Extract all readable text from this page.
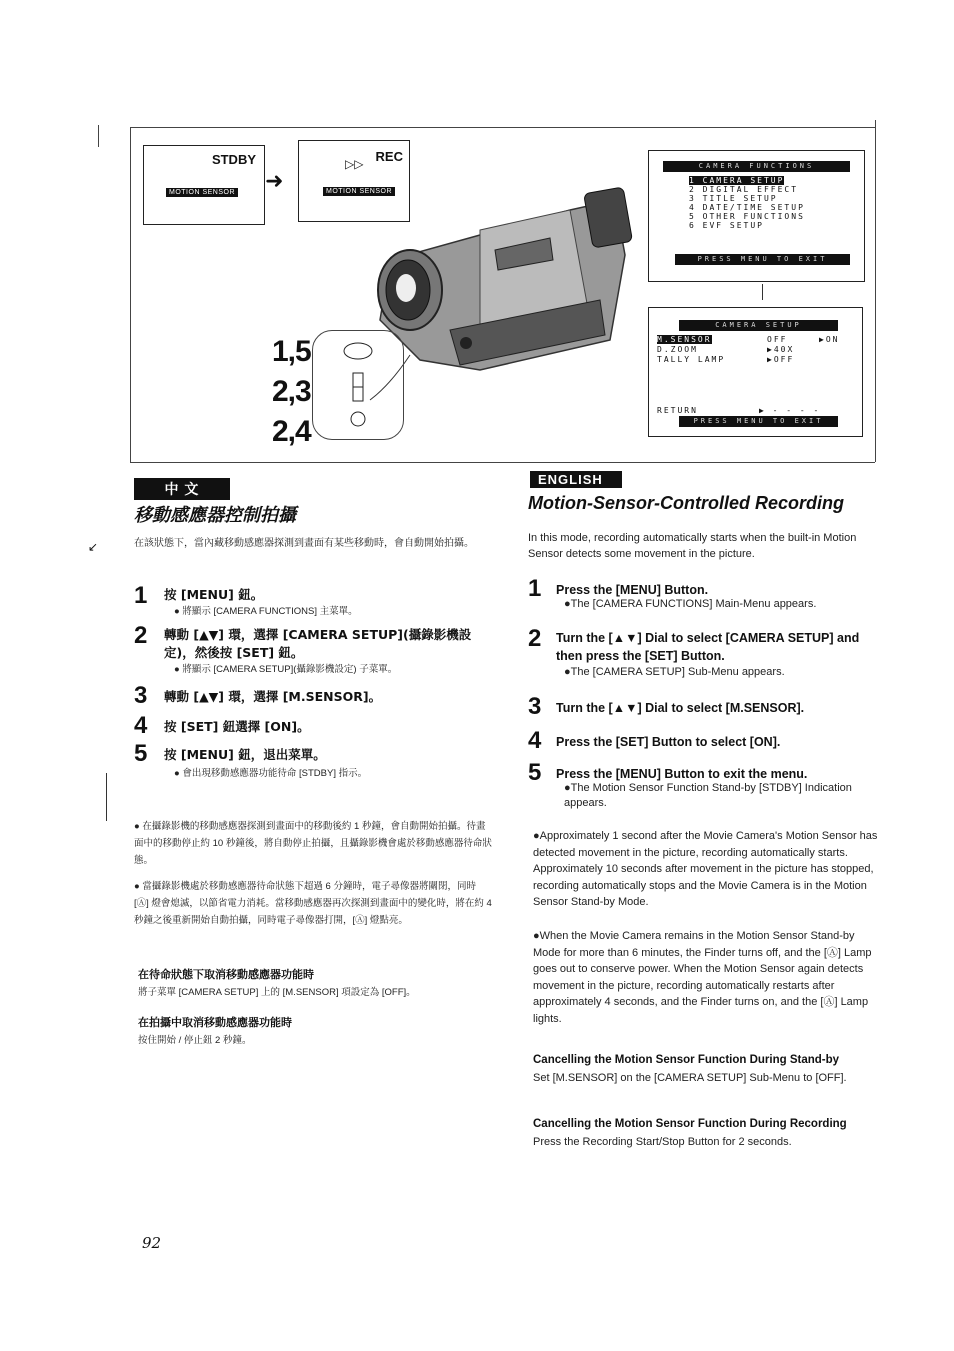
STDBY
MOTION SENSOR ➜
▷▷ REC
MOTION SENSOR
1,5
2,3
2,4
CAMERA FUNCTIONS
1 CAMERA SETUP
2 DIGITAL EFFECT
3 TITLE SETUP
4 DATE/TIME SETUP
5 OTHER FUNCTIONS
6 EVF SETUP
PRESS MENU TO EXIT
CAMERA SETUP
M.SENSOR	OFF	▶ON
D.ZOOM	▶40X
TALLY LAMP	▶OFF
RETURN	▶ - - - -
PRESS MENU TO EXIT
中 文
移動感應器控制拍攝
↙	在該狀態下，當內藏移動感應器探測到畫面有某些移動時，會自動開始拍攝。
1 按 [MENU] 鈕。
● 將顯示 [CAMERA FUNCTIONS] 主菜單。
2 轉動 [▲▼] 環，選擇 [CAMERA SETUP](攝錄影機設定)，然後按 [SET] 鈕。
● 將顯示 [CAMERA SETUP](攝錄影機設定) 子菜單。
3 轉動 [▲▼] 環，選擇 [M.SENSOR]。
4 按 [SET] 鈕選擇 [ON]。
5 按 [MENU] 鈕，退出菜單。
● 會出現移動感應器功能待命 [STDBY] 指示。
● 在攝錄影機的移動感應器探測到畫面中的移動後約 1 秒鐘，會自動開始拍攝。待畫面中的移動停止約 10 秒鐘後，將自動停止拍攝，且攝錄影機會處於移動感應器待命狀態。
● 當攝錄影機處於移動感應器待命狀態下超過 6 分鐘時，電子尋像器將關閉，同時 [Ⓐ] 燈會熄滅，以節省電力消耗。當移動感應器再次探測到畫面中的變化時，將在約 4 秒鐘之後重新開始自動拍攝，同時電子尋像器打開，[Ⓐ] 燈點亮。
在待命狀態下取消移動感應器功能時
將子菜單 [CAMERA SETUP] 上的 [M.SENSOR] 項設定為 [OFF]。
在拍攝中取消移動感應器功能時
按住開始 / 停止鈕 2 秒鐘。
ENGLISH
Motion-Sensor-Controlled Recording
In this mode, recording automatically starts when the built-in Motion Sensor detects some movement in the picture.
1 Press the [MENU] Button.
●The [CAMERA FUNCTIONS] Main-Menu appears.
2 Turn the [▲▼] Dial to select [CAMERA SETUP] and then press the [SET] Button.
●The [CAMERA SETUP] Sub-Menu appears.
3 Turn the [▲▼] Dial to select [M.SENSOR].
4 Press the [SET] Button to select [ON].
5 Press the [MENU] Button to exit the menu.
●The Motion Sensor Function Stand-by [STDBY] Indication appears.
●Approximately 1 second after the Movie Camera's Motion Sensor has detected movement in the picture, recording automatically starts. Approximately 10 seconds after movement in the picture has stopped, recording automatically stops and the Movie Camera is in the Motion Sensor Stand-by Mode.
●When the Movie Camera remains in the Motion Sensor Stand-by Mode for more than 6 minutes, the Finder turns off, and the [Ⓐ] Lamp goes out to conserve power. When the Motion Sensor again detects movement in the picture, recording automatically restarts after approximately 4 seconds, and the Finder turns on, and the [Ⓐ] Lamp lights.
Cancelling the Motion Sensor Function During Stand-by
Set [M.SENSOR] on the [CAMERA SETUP] Sub-Menu to [OFF].
Cancelling the Motion Sensor Function During Recording
Press the Recording Start/Stop Button for 2 seconds.
92
